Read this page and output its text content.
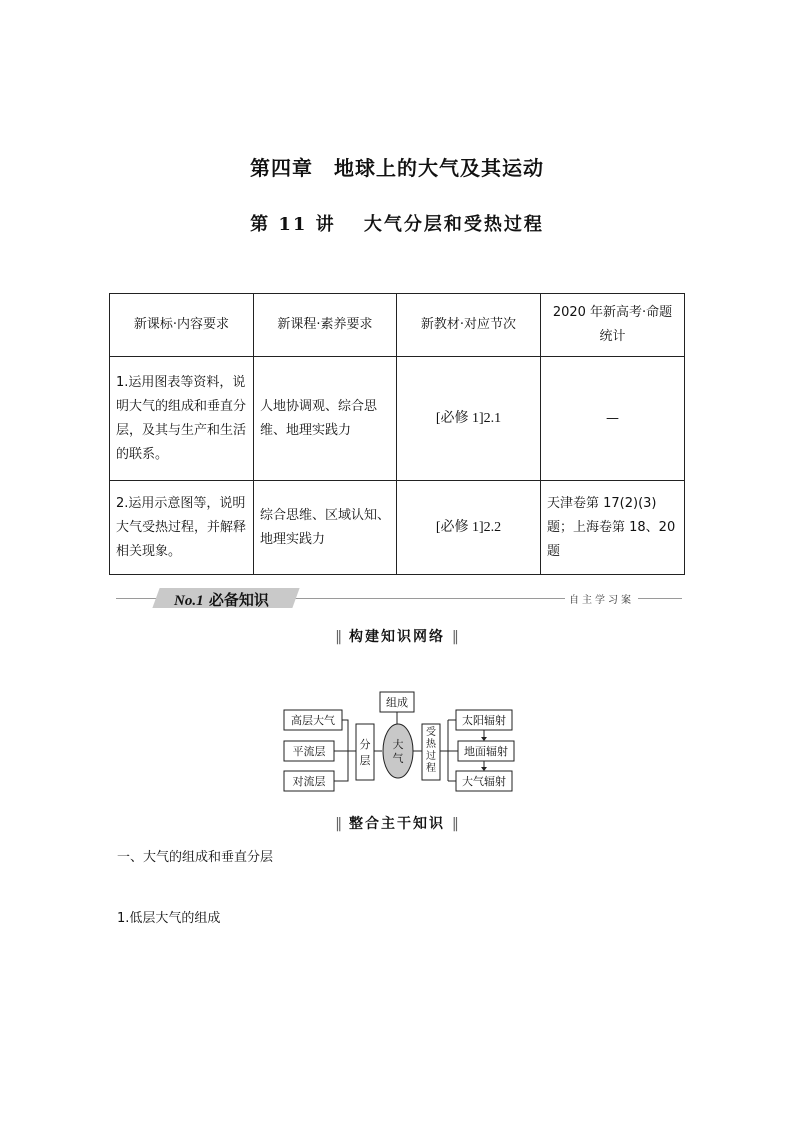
第四章　地球上的大气及其运动
第 11 讲　 大气分层和受热过程
新课标·内容要求	新课程·素养要求	新教材·对应节次	2020 年新高考·命题统计
1.运用图表等资料，说明大气的组成和垂直分层，及其与生产和生活的联系。	人地协调观、综合思维、地理实践力	[必修 1]2.1	—
2.运用示意图等，说明大气受热过程，并解释相关现象。	综合思维、区域认知、地理实践力	[必修 1]2.2	天津卷第 17(2)(3)题；上海卷第 18、20 题
No.1 必备知识	自主学习案
‖ 构建知识网络 ‖
高层大气
平流层
对流层
分
层
组成
大
气
受
热
过
程
太阳辐射
地面辐射
大气辐射
‖ 整合主干知识 ‖
一、大气的组成和垂直分层
1.低层大气的组成
